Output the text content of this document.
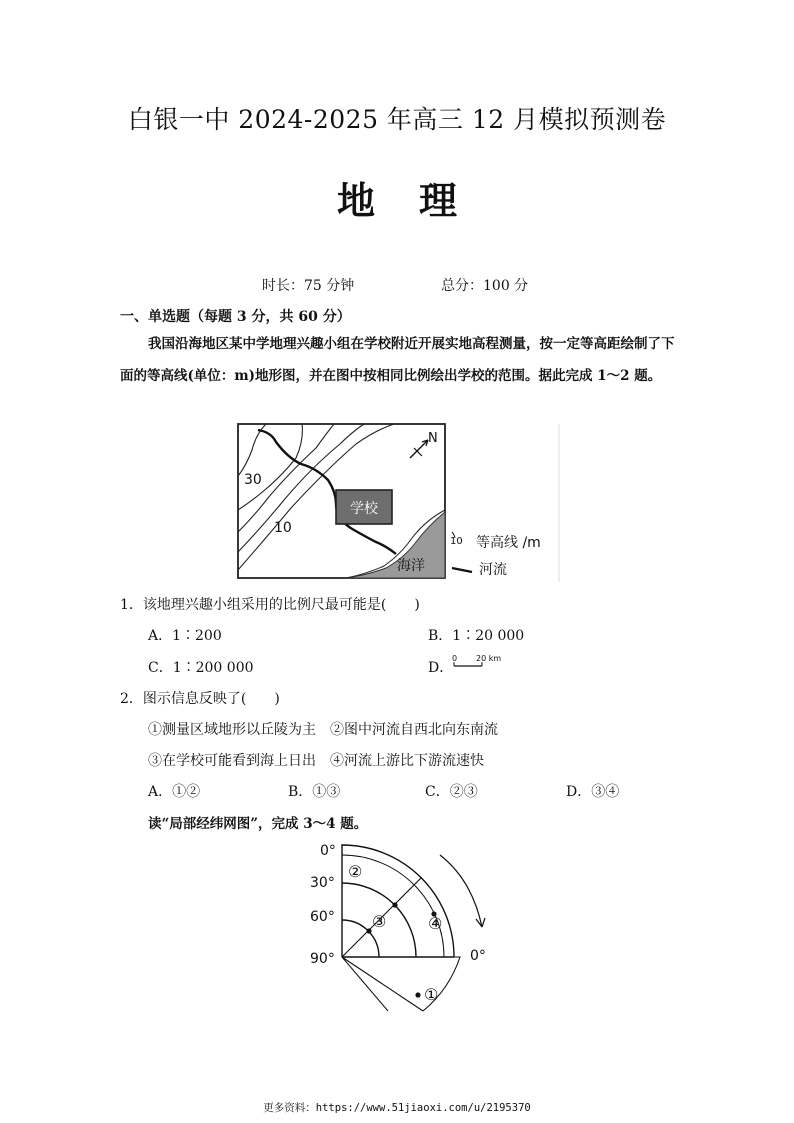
白银一中 2024-2025 年高三 12 月模拟预测卷
地 理
时长：75 分钟	总分：100 分
一、单选题（每题 3 分，共 60 分）
我国沿海地区某中学地理兴趣小组在学校附近开展实地高程测量，按一定等高距绘制了下面的等高线(单位：m)地形图，并在图中按相同比例绘出学校的范围。据此完成 1～2 题。
学校
海洋
30
10
N
10 等高线 /m
河流
1．该地理兴趣小组采用的比例尺最可能是(　　)
A．1∶200	B．1∶20 000
C．1∶200 000	D．
0 20 km
2．图示信息反映了(　　)
①测量区域地形以丘陵为主 ②图中河流自西北向东南流
③在学校可能看到海上日出 ④河流上游比下游流速快
A．①②	B．①③	C．②③	D．③④
读“局部经纬网图”，完成 3～4 题。
0°
30°
60°
90°	0°
②
③	④
①
更多资料：https://www.51jiaoxi.com/u/2195370
